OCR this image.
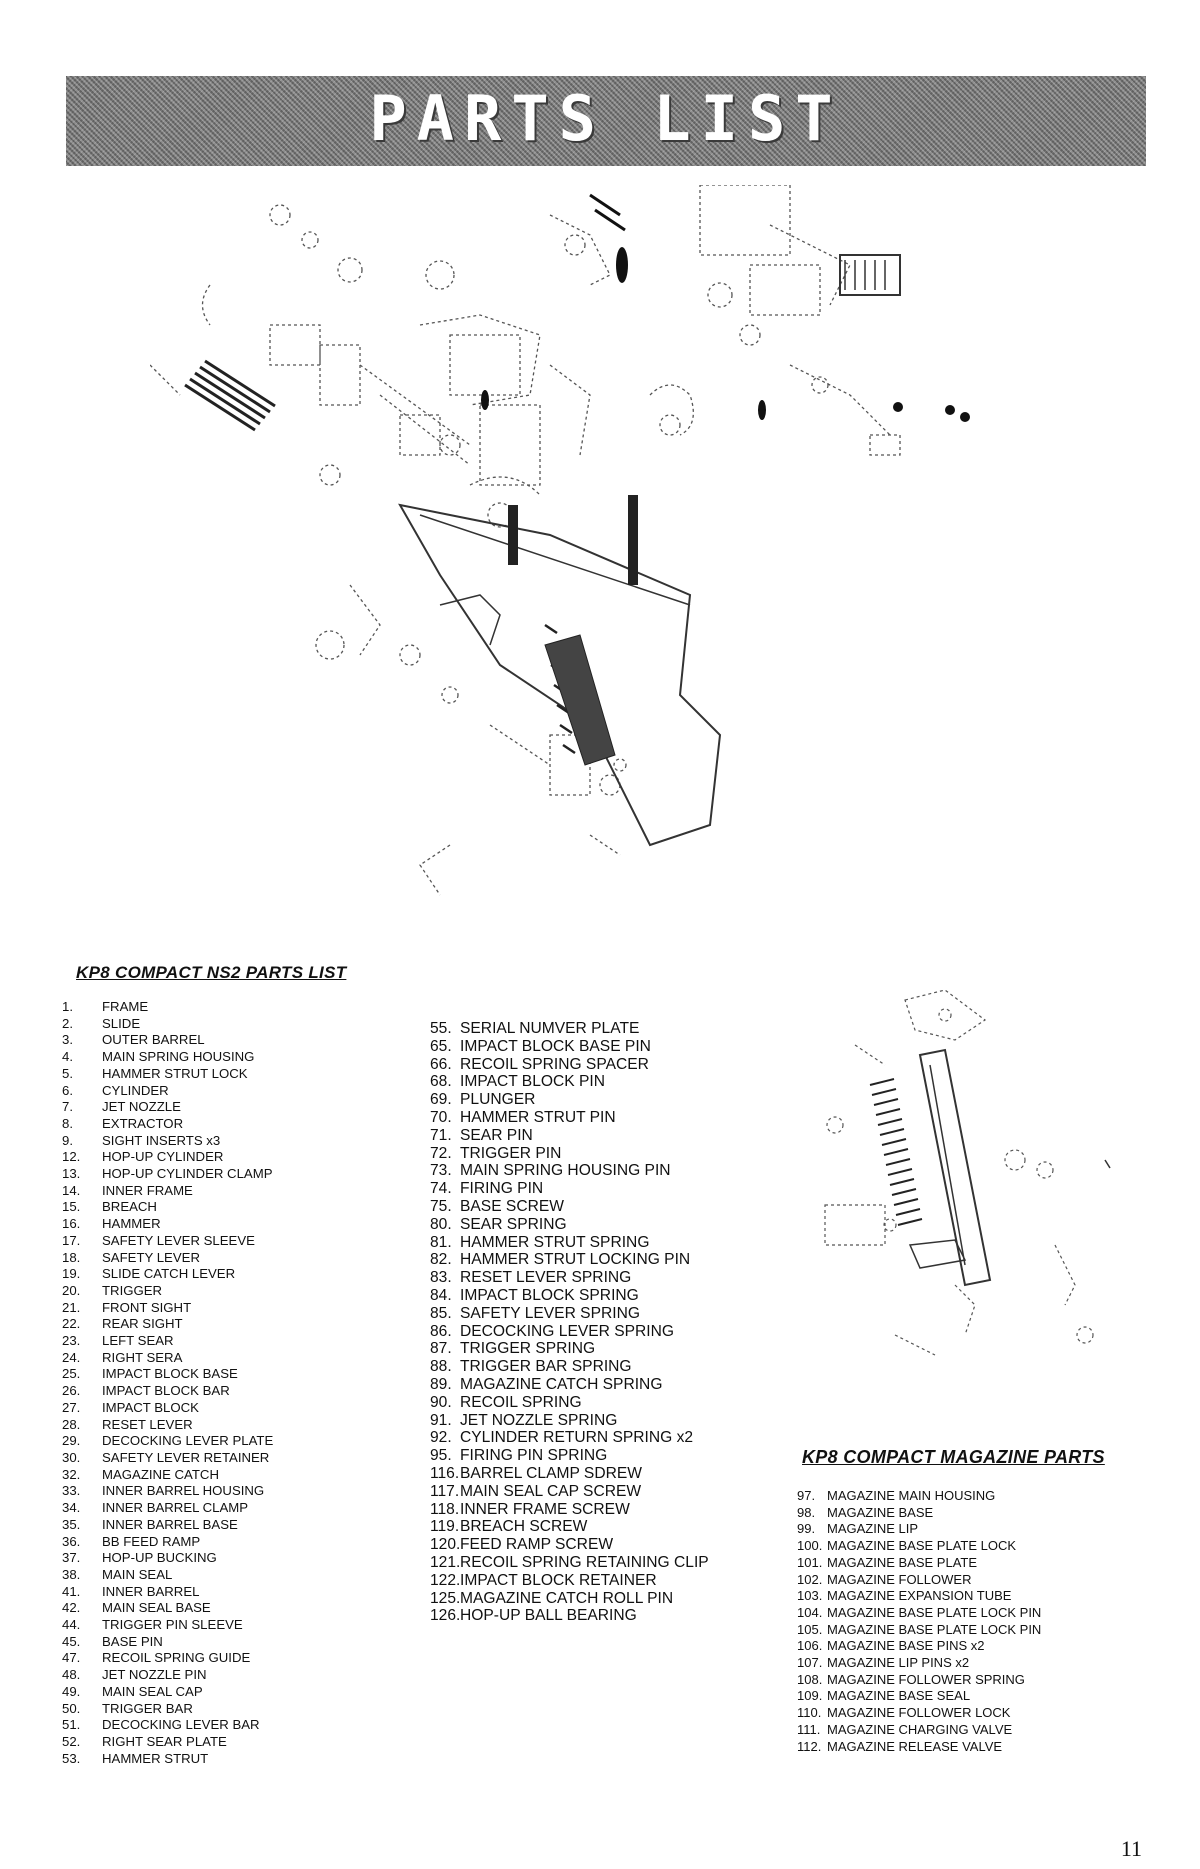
PARTS LIST
KP8 COMPACT NS2 PARTS LIST
1.	FRAME
2.	SLIDE
3.	OUTER BARREL
4.	MAIN SPRING HOUSING
5.	HAMMER STRUT LOCK
6.	CYLINDER
7.	JET NOZZLE
8.	EXTRACTOR
9.	SIGHT INSERTS x3
12.	HOP-UP CYLINDER
13.	HOP-UP CYLINDER CLAMP
14.	INNER FRAME
15.	BREACH
16.	HAMMER
17.	SAFETY LEVER SLEEVE
18.	SAFETY LEVER
19.	SLIDE CATCH LEVER
20.	TRIGGER
21.	FRONT SIGHT
22.	REAR SIGHT
23.	LEFT SEAR
24.	RIGHT SERA
25.	IMPACT BLOCK BASE
26.	IMPACT BLOCK BAR
27.	IMPACT BLOCK
28.	RESET LEVER
29.	DECOCKING LEVER PLATE
30.	SAFETY LEVER RETAINER
32.	MAGAZINE CATCH
33.	INNER BARREL HOUSING
34.	INNER BARREL CLAMP
35.	INNER BARREL BASE
36.	BB FEED RAMP
37.	HOP-UP BUCKING
38.	MAIN SEAL
41.	INNER BARREL
42.	MAIN SEAL BASE
44.	TRIGGER PIN SLEEVE
45.	BASE PIN
47.	RECOIL SPRING GUIDE
48.	JET NOZZLE PIN
49.	MAIN SEAL CAP
50.	TRIGGER BAR
51.	DECOCKING LEVER BAR
52.	RIGHT SEAR PLATE
53.	HAMMER STRUT
55. SERIAL NUMVER PLATE
65. IMPACT BLOCK BASE PIN
66. RECOIL SPRING SPACER
68. IMPACT BLOCK PIN
69. PLUNGER
70. HAMMER STRUT PIN
71. SEAR PIN
72. TRIGGER PIN
73. MAIN SPRING HOUSING PIN
74. FIRING PIN
75. BASE SCREW
80. SEAR SPRING
81. HAMMER STRUT SPRING
82. HAMMER STRUT LOCKING PIN
83. RESET LEVER SPRING
84. IMPACT BLOCK SPRING
85. SAFETY LEVER SPRING
86. DECOCKING LEVER SPRING
87. TRIGGER SPRING
88. TRIGGER BAR SPRING
89. MAGAZINE CATCH SPRING
90. RECOIL SPRING
91. JET NOZZLE SPRING
92. CYLINDER RETURN SPRING x2
95. FIRING PIN SPRING
116. BARREL CLAMP SDREW
117. MAIN SEAL CAP SCREW
118. INNER FRAME SCREW
119. BREACH SCREW
120. FEED RAMP SCREW
121. RECOIL SPRING RETAINING CLIP
122. IMPACT BLOCK RETAINER
125. MAGAZINE CATCH ROLL PIN
126. HOP-UP BALL BEARING
KP8 COMPACT MAGAZINE PARTS
97. MAGAZINE MAIN HOUSING
98. MAGAZINE BASE
99. MAGAZINE LIP
100. MAGAZINE BASE PLATE LOCK
101. MAGAZINE BASE PLATE
102. MAGAZINE FOLLOWER
103. MAGAZINE EXPANSION TUBE
104. MAGAZINE BASE PLATE LOCK PIN
105. MAGAZINE BASE PLATE LOCK PIN
106. MAGAZINE BASE PINS x2
107. MAGAZINE LIP PINS x2
108. MAGAZINE FOLLOWER SPRING
109. MAGAZINE BASE SEAL
110. MAGAZINE FOLLOWER LOCK
111. MAGAZINE CHARGING VALVE
112. MAGAZINE RELEASE VALVE
11
